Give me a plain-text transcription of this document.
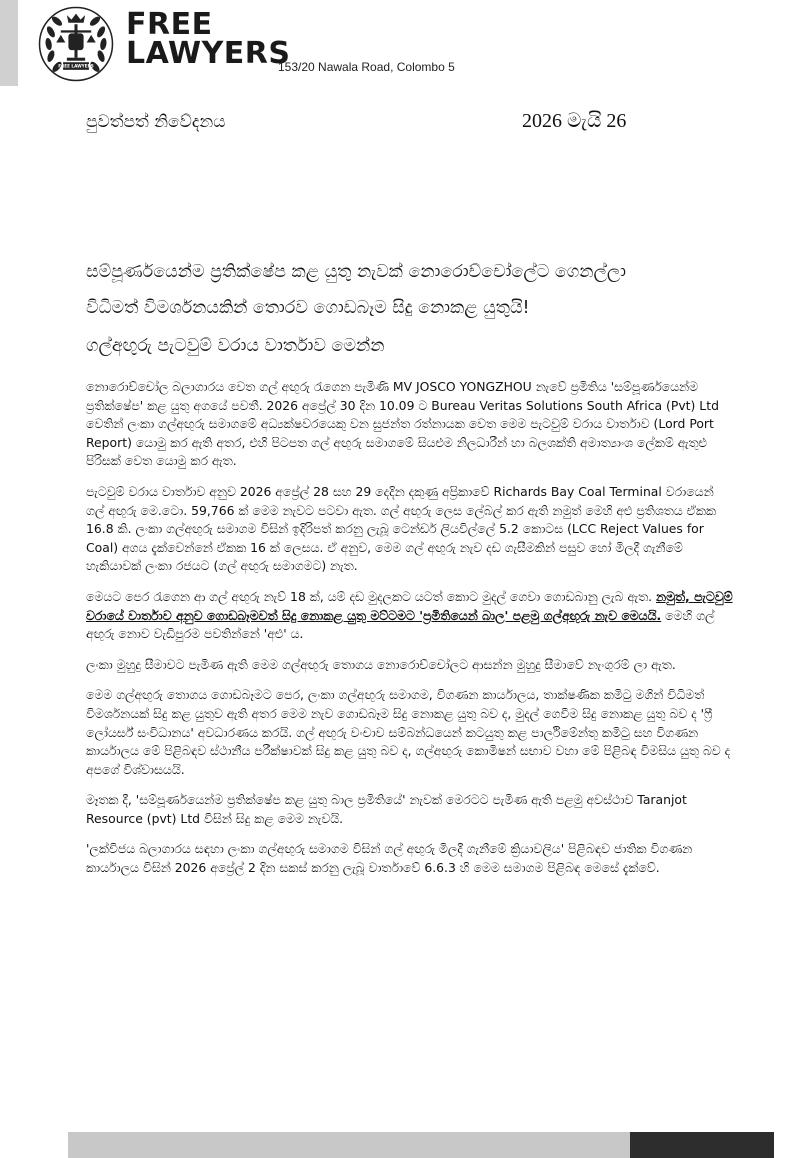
FREE LAWYERS
FREE
LAWYERS
153/20 Nawala Road, Colombo 5
පුවත්පත් නිවේදනය	2026 මැයි 26
සම්පූර්ණයෙන්ම ප්‍රතික්ෂේප කළ යුතු නැවක් නොරොච්චෝලේට ගෙනල්ලා
විධිමත් විමර්ශනයකින් තොරව ගොඩබෑම සිදු නොකළ යුතුයි!
ගල්අඟුරු පැටවුම් වරාය වාර්තාව මෙන්න

නොරොච්චෝල බලාගාරය වෙත ගල් අඟුරු රැගෙන පැමිණි MV JOSCO YONGZHOU නැවේ ප්‍රමිතිය 'සම්පූර්ණයෙන්ම ප්‍රතික්ෂේප' කළ යුතු අගයේ පවතී. 2026 අප්‍රේල් 30 දින 10.09 ට Bureau Veritas Solutions South Africa (Pvt) Ltd වෙතින් ලංකා ගල්අඟුරු සමාගමේ අධ්‍යක්ෂවරයෙකු වන සුජන්ත රත්නායක වෙත මෙම පැටවුම් වරාය වාර්තාව (Lord Port Report) යොමු කර ඇති අතර, එහි පිටපත ගල් අඟුරු සමාගමේ සියළුම නිලධාරීන් හා බලශක්ති අමාත්‍යාංශ ලේකම් ඇතුළු පිරිසක් වෙත යොමු කර ඇත.

පැටවුම් වරාය වාර්තාව අනුව 2026 අප්‍රේල් 28 සහ 29 දෙදින දකුණු අප්‍රිකාවේ Richards Bay Coal Terminal වරායෙන් ගල් අඟුරු මෙ.ටො. 59,766 ක් මෙම නැවට පටවා ඇත. ගල් අඟුරු ලෙස ලේබල් කර ඇති නමුත් මෙහි අළු ප්‍රතිශතය ඒකක 16.8 කි. ලංකා ගල්අඟුරු සමාගම විසින් ඉදිරිපත් කරනු ලැබූ ටෙන්ඩර් ලියවිල්ලේ 5.2 කොටස (LCC Reject Values for Coal) අගය දැක්වෙන්නේ ඒකක 16 ක් ලෙසය. ඒ අනුව, මෙම ගල් අඟුරු නැව දඩ ගැසීමකින් පසුව හෝ මිලදී ගැනීමේ හැකියාවක් ලංකා රජයට (ගල් අඟුරු සමාගමට) නැත.

මෙයට පෙර රැගෙන ආ ගල් අඟුරු නැව් 18 ක්, යම් දඩ මුදලකට යටත් කොට මුදල් ගෙවා ගොඩබානු ලැබ ඇත. නමුත්, පැටවුම් වරායේ වාර්තාව අනුව ගොඩබෑමවත් සිදු නොකළ යුතු මට්ටමට 'ප්‍රමිතියෙන් බාල' පළමු ගල්අඟුරු නැව මෙයයි. මෙහි ගල් අඟුරු නොව වැඩිපුරම පවතින්නේ 'අළු' ය.

ලංකා මුහුදු සීමාවට පැමිණ ඇති මෙම ගල්අඟුරු තොගය නොරොච්චෝලට ආසන්න මුහුදු සීමාවේ නැංගුරම් ලා ඇත.

මෙම ගල්අඟුරු තොගය ගොඩබෑමට පෙර, ලංකා ගල්අඟුරු සමාගම, විගණන කාර්යාලය, තාක්ෂණික කමිටු මගින් විධිමත් විමර්ශනයක් සිදු කළ යුතුව ඇති අතර මෙම නැව ගොඩබෑම සිදු නොකළ යුතු බව ද, මුදල් ගෙවීම සිදු නොකළ යුතු බව ද 'ෆ්‍රී ලෝයර්ස් සංවිධානය' අවධාරණය කරයි. ගල් අඟුරු වංචාව සම්බන්ධයෙන් කටයුතු කළ පාර්ලිමේන්තු කමිටු සහ විගණන කාර්යාලය මේ පිළිබඳව ස්ථානීය පරීක්ෂාවක් සිදු කළ යුතු බව ද, ගල්අඟුරු කොමිෂන් සභාව වහා මේ පිළිබඳ විමසිය යුතු බව ද අපගේ විශ්වාසයයි.

මෑතක දී, 'සම්පූර්ණයෙන්ම ප්‍රතික්ෂේප කළ යුතු බාල ප්‍රමිතියේ' නැවක් මෙරටට පැමිණ ඇති පළමු අවස්ථාව Taranjot Resource (pvt) Ltd විසින් සිදු කළ මෙම නැවයි.

'ලක්විජය බලාගාරය සඳහා ලංකා ගල්අඟුරු සමාගම විසින් ගල් අඟුරු මිලදී ගැනීමේ ක්‍රියාවලිය' පිළිබඳව ජාතික විගණන කාර්යාලය විසින් 2026 අප්‍රේල් 2 දින සකස් කරනු ලැබූ වාර්තාවේ 6.6.3 හි මෙම සමාගම පිළිබඳ මෙසේ දැක්වේ.
